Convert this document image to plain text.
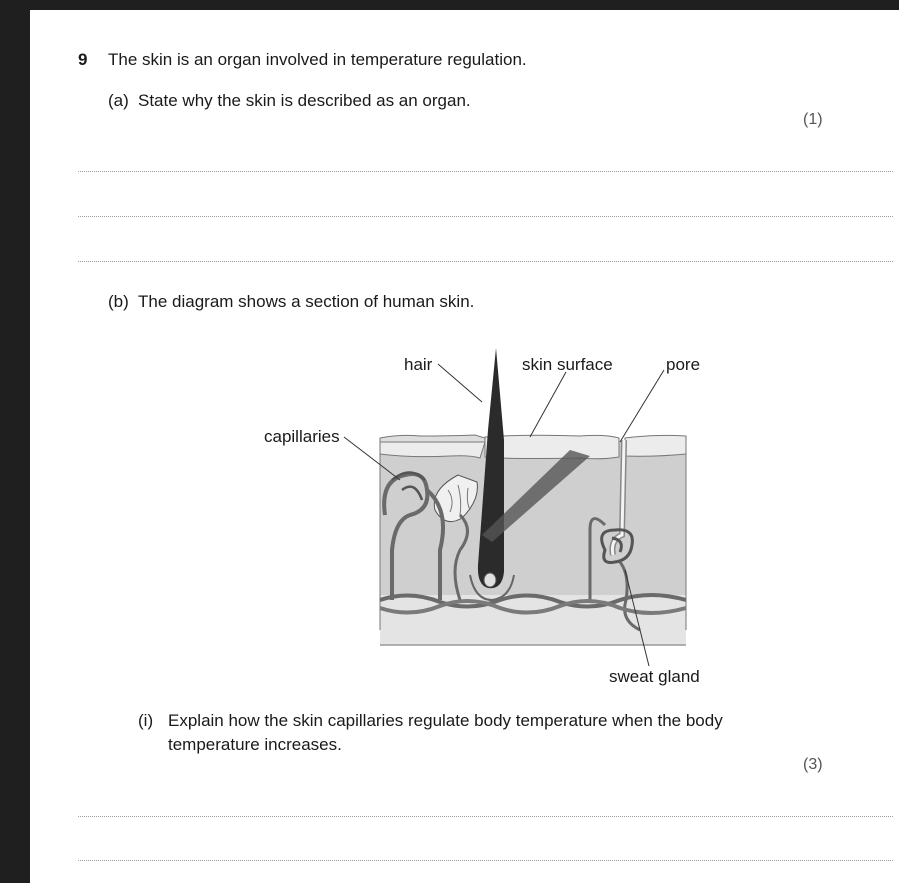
9 The skin is an organ involved in temperature regulation.
(a) State why the skin is described as an organ.
(1)
(b) The diagram shows a section of human skin.
hair	skin surface	pore
capillaries
sweat gland
(i) Explain how the skin capillaries regulate body temperature when the body
temperature increases.
(3)
